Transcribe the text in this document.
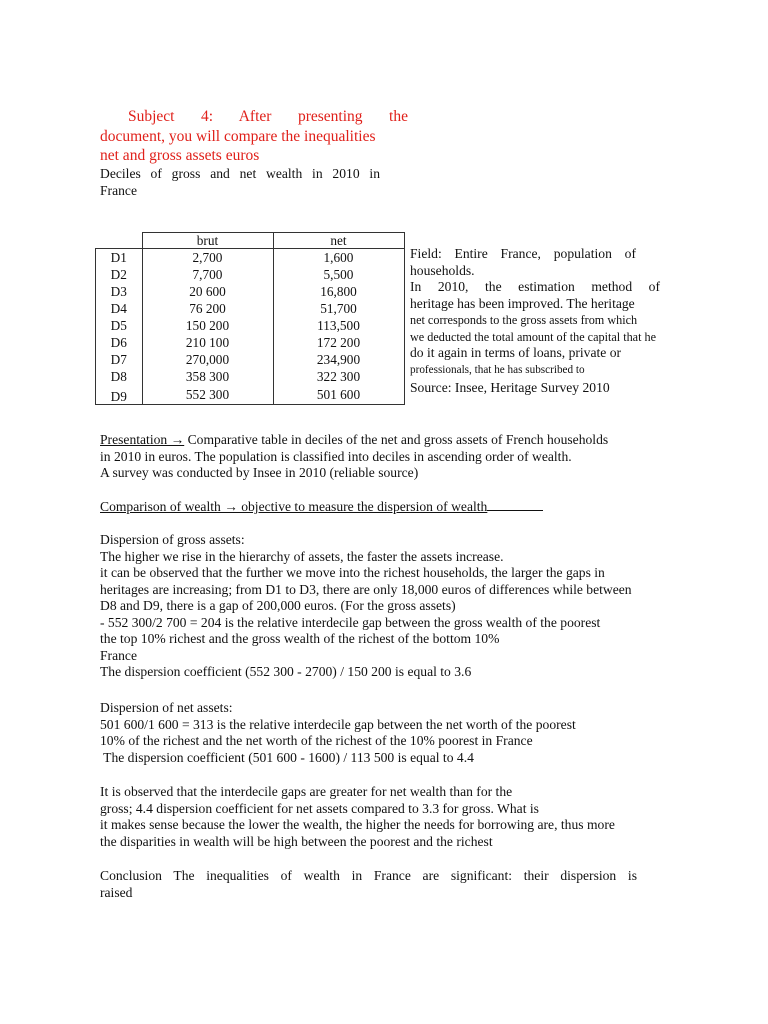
Subject 4: After presenting the
document, you will compare the inequalities
net and gross assets euros
Deciles of gross and net wealth in 2010 in
France
	brut	net
D1	2,700	1,600
D2	7,700	5,500
D3	20 600	16,800
D4	76 200	51,700
D5	150 200	113,500
D6	210 100	172 200
D7	270,000	234,900
D8	358 300	322 300
D9	552 300	501 600
Field: Entire France, population of
households.
In 2010, the estimation method of
heritage has been improved. The heritage
net corresponds to the gross assets from which
we deducted the total amount of the capital that he
do it again in terms of loans, private or
professionals, that he has subscribed to
Source: Insee, Heritage Survey 2010
Presentation → Comparative table in deciles of the net and gross assets of French households
in 2010 in euros. The population is classified into deciles in ascending order of wealth.
A survey was conducted by Insee in 2010 (reliable source)
Comparison of wealth → objective to measure the dispersion of wealth
Dispersion of gross assets:
The higher we rise in the hierarchy of assets, the faster the assets increase.
it can be observed that the further we move into the richest households, the larger the gaps in
heritages are increasing; from D1 to D3, there are only 18,000 euros of differences while between
D8 and D9, there is a gap of 200,000 euros. (For the gross assets)
- 552 300/2 700 = 204 is the relative interdecile gap between the gross wealth of the poorest
the top 10% richest and the gross wealth of the richest of the bottom 10%
France
The dispersion coefficient (552 300 - 2700) / 150 200 is equal to 3.6
Dispersion of net assets:
501 600/1 600 = 313 is the relative interdecile gap between the net worth of the poorest
10% of the richest and the net worth of the richest of the 10% poorest in France
The dispersion coefficient (501 600 - 1600) / 113 500 is equal to 4.4
It is observed that the interdecile gaps are greater for net wealth than for the
gross; 4.4 dispersion coefficient for net assets compared to 3.3 for gross. What is
it makes sense because the lower the wealth, the higher the needs for borrowing are, thus more
the disparities in wealth will be high between the poorest and the richest
Conclusion The inequalities of wealth in France are significant: their dispersion is
raised
